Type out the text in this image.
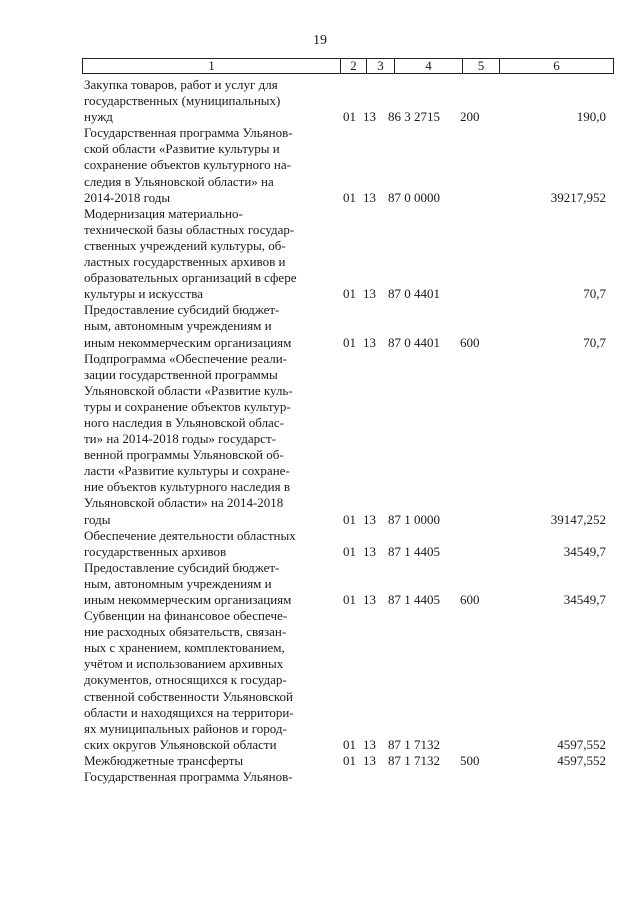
19
1	2	3	4	5	6
Закупка товаров, работ и услуг для
государственных (муниципальных)
нужд	01 13 86 3 2715	200	190,0
Государственная программа Ульянов-
ской области «Развитие культуры и
сохранение объектов культурного на-
следия в Ульяновской области» на
2014-2018 годы	01 13 87 0 0000	39217,952
Модернизация материально-
технической базы областных государ-
ственных учреждений культуры, об-
ластных государственных архивов и
образовательных организаций в сфере
культуры и искусства	01 13 87 0 4401	70,7
Предоставление субсидий бюджет-
ным, автономным учреждениям и
иным некоммерческим организациям	01 13 87 0 4401	600	70,7
Подпрограмма «Обеспечение реали-
зации государственной программы
Ульяновской области «Развитие куль-
туры и сохранение объектов культур-
ного наследия в Ульяновской облас-
ти» на 2014-2018 годы» государст-
венной программы Ульяновской об-
ласти «Развитие культуры и сохране-
ние объектов культурного наследия в
Ульяновской области» на 2014-2018
годы	01 13 87 1 0000	39147,252
Обеспечение деятельности областных
государственных архивов	01 13 87 1 4405	34549,7
Предоставление субсидий бюджет-
ным, автономным учреждениям и
иным некоммерческим организациям	01 13 87 1 4405	600	34549,7
Субвенции на финансовое обеспече-
ние расходных обязательств, связан-
ных с хранением, комплектованием,
учётом и использованием архивных
документов, относящихся к государ-
ственной собственности Ульяновской
области и находящихся на территори-
ях муниципальных районов и город-
ских округов Ульяновской области	01 13 87 1 7132	4597,552
Межбюджетные трансферты	01 13 87 1 7132	500	4597,552
Государственная программа Ульянов-
